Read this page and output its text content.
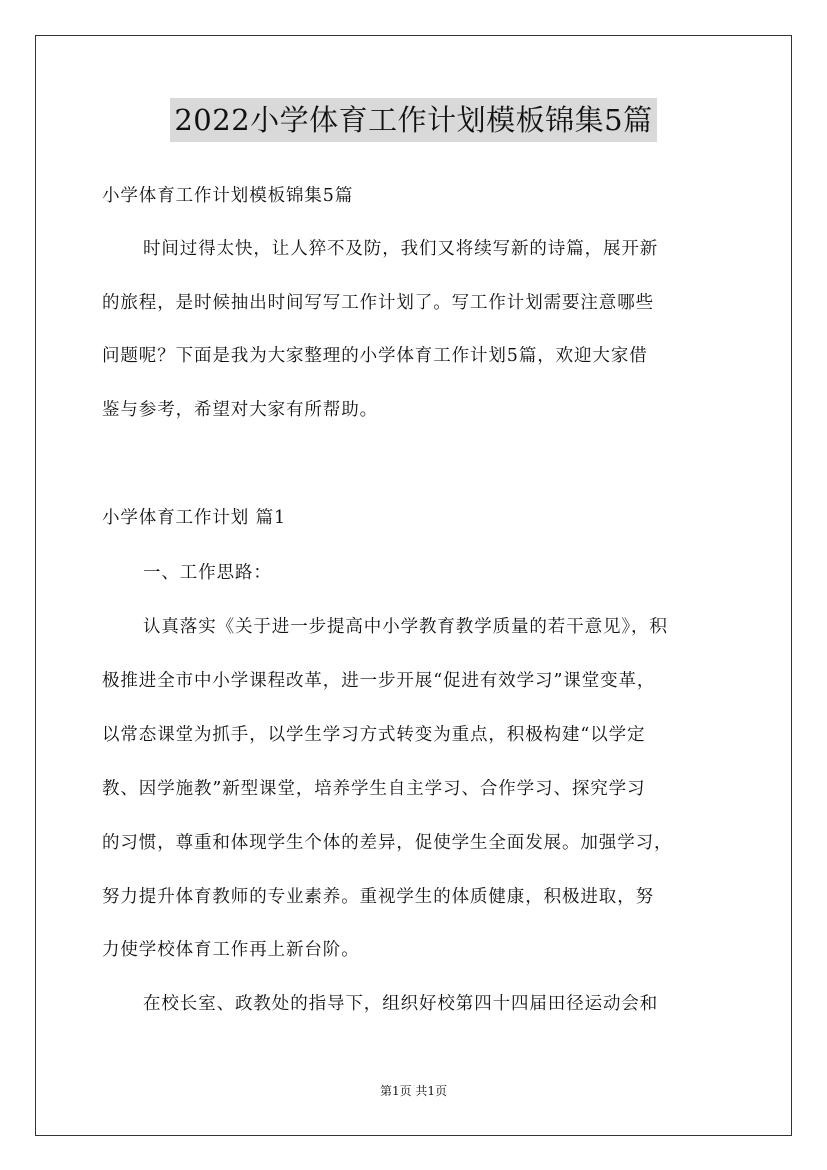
2022小学体育工作计划模板锦集5篇
小学体育工作计划模板锦集5篇
时间过得太快，让人猝不及防，我们又将续写新的诗篇，展开新
的旅程，是时候抽出时间写写工作计划了。写工作计划需要注意哪些
问题呢？下面是我为大家整理的小学体育工作计划5篇，欢迎大家借
鉴与参考，希望对大家有所帮助。
小学体育工作计划 篇1
一、工作思路：
认真落实《关于进一步提高中小学教育教学质量的若干意见》，积
极推进全市中小学课程改革，进一步开展“促进有效学习”课堂变革，
以常态课堂为抓手，以学生学习方式转变为重点，积极构建“以学定
教、因学施教”新型课堂，培养学生自主学习、合作学习、探究学习
的习惯，尊重和体现学生个体的差异，促使学生全面发展。加强学习，
努力提升体育教师的专业素养。重视学生的体质健康，积极进取，努
力使学校体育工作再上新台阶。
在校长室、政教处的指导下，组织好校第四十四届田径运动会和
第1页 共1页
